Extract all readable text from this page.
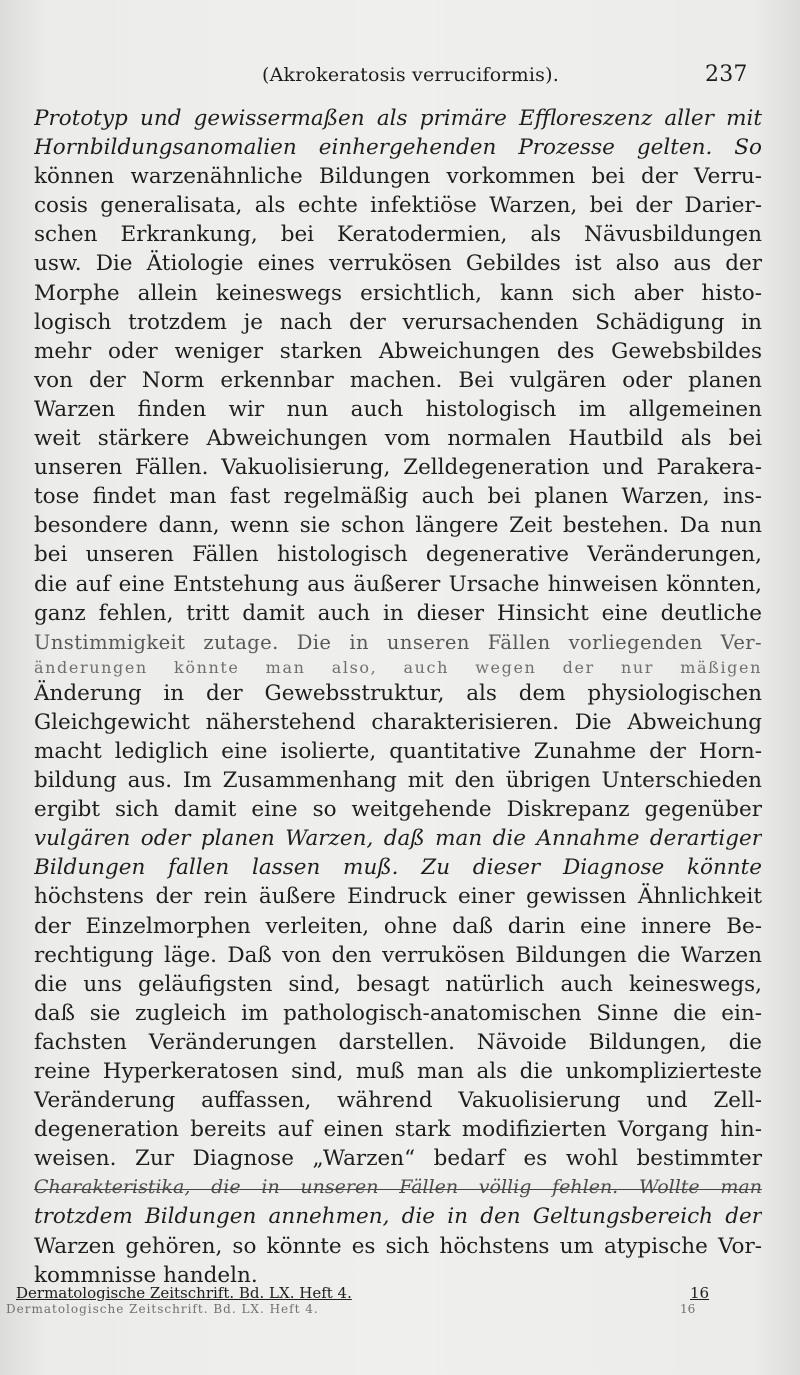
(Akrokeratosis verruciformis).	237
Prototyp und gewissermaßen als primäre Effloreszenz aller mit
Hornbildungsanomalien einhergehenden Prozesse gelten. So
können warzenähnliche Bildungen vorkommen bei der Verru-
cosis generalisata, als echte infektiöse Warzen, bei der Darier-
schen Erkrankung, bei Keratodermien, als Nävusbildungen
usw. Die Ätiologie eines verrukösen Gebildes ist also aus der
Morphe allein keineswegs ersichtlich, kann sich aber histo-
logisch trotzdem je nach der verursachenden Schädigung in
mehr oder weniger starken Abweichungen des Gewebsbildes
von der Norm erkennbar machen. Bei vulgären oder planen
Warzen finden wir nun auch histologisch im allgemeinen
weit stärkere Abweichungen vom normalen Hautbild als bei
unseren Fällen. Vakuolisierung, Zelldegeneration und Parakera-
tose findet man fast regelmäßig auch bei planen Warzen, ins-
besondere dann, wenn sie schon längere Zeit bestehen. Da nun
bei unseren Fällen histologisch degenerative Veränderungen,
die auf eine Entstehung aus äußerer Ursache hinweisen könnten,
ganz fehlen, tritt damit auch in dieser Hinsicht eine deutliche
Unstimmigkeit zutage. Die in unseren Fällen vorliegenden Ver-
änderungen könnte man also, auch wegen der nur mäßigen
Änderung in der Gewebsstruktur, als dem physiologischen
Gleichgewicht näherstehend charakterisieren. Die Abweichung
macht lediglich eine isolierte, quantitative Zunahme der Horn-
bildung aus. Im Zusammenhang mit den übrigen Unterschieden
ergibt sich damit eine so weitgehende Diskrepanz gegenüber
vulgären oder planen Warzen, daß man die Annahme derartiger
Bildungen fallen lassen muß. Zu dieser Diagnose könnte
höchstens der rein äußere Eindruck einer gewissen Ähnlichkeit
der Einzelmorphen verleiten, ohne daß darin eine innere Be-
rechtigung läge. Daß von den verrukösen Bildungen die Warzen
die uns geläufigsten sind, besagt natürlich auch keineswegs,
daß sie zugleich im pathologisch-anatomischen Sinne die ein-
fachsten Veränderungen darstellen. Nävoide Bildungen, die
reine Hyperkeratosen sind, muß man als die unkomplizierteste
Veränderung auffassen, während Vakuolisierung und Zell-
degeneration bereits auf einen stark modifizierten Vorgang hin-
weisen. Zur Diagnose „Warzen“ bedarf es wohl bestimmter
Charakteristika, die in unseren Fällen völlig fehlen. Wollte man
trotzdem Bildungen annehmen, die in den Geltungsbereich der
Warzen gehören, so könnte es sich höchstens um atypische Vor-
kommnisse handeln.
Dermatologische Zeitschrift. Bd. LX. Heft 4.
Dermatologische Zeitschrift. Bd. LX. Heft 4.
16
16
